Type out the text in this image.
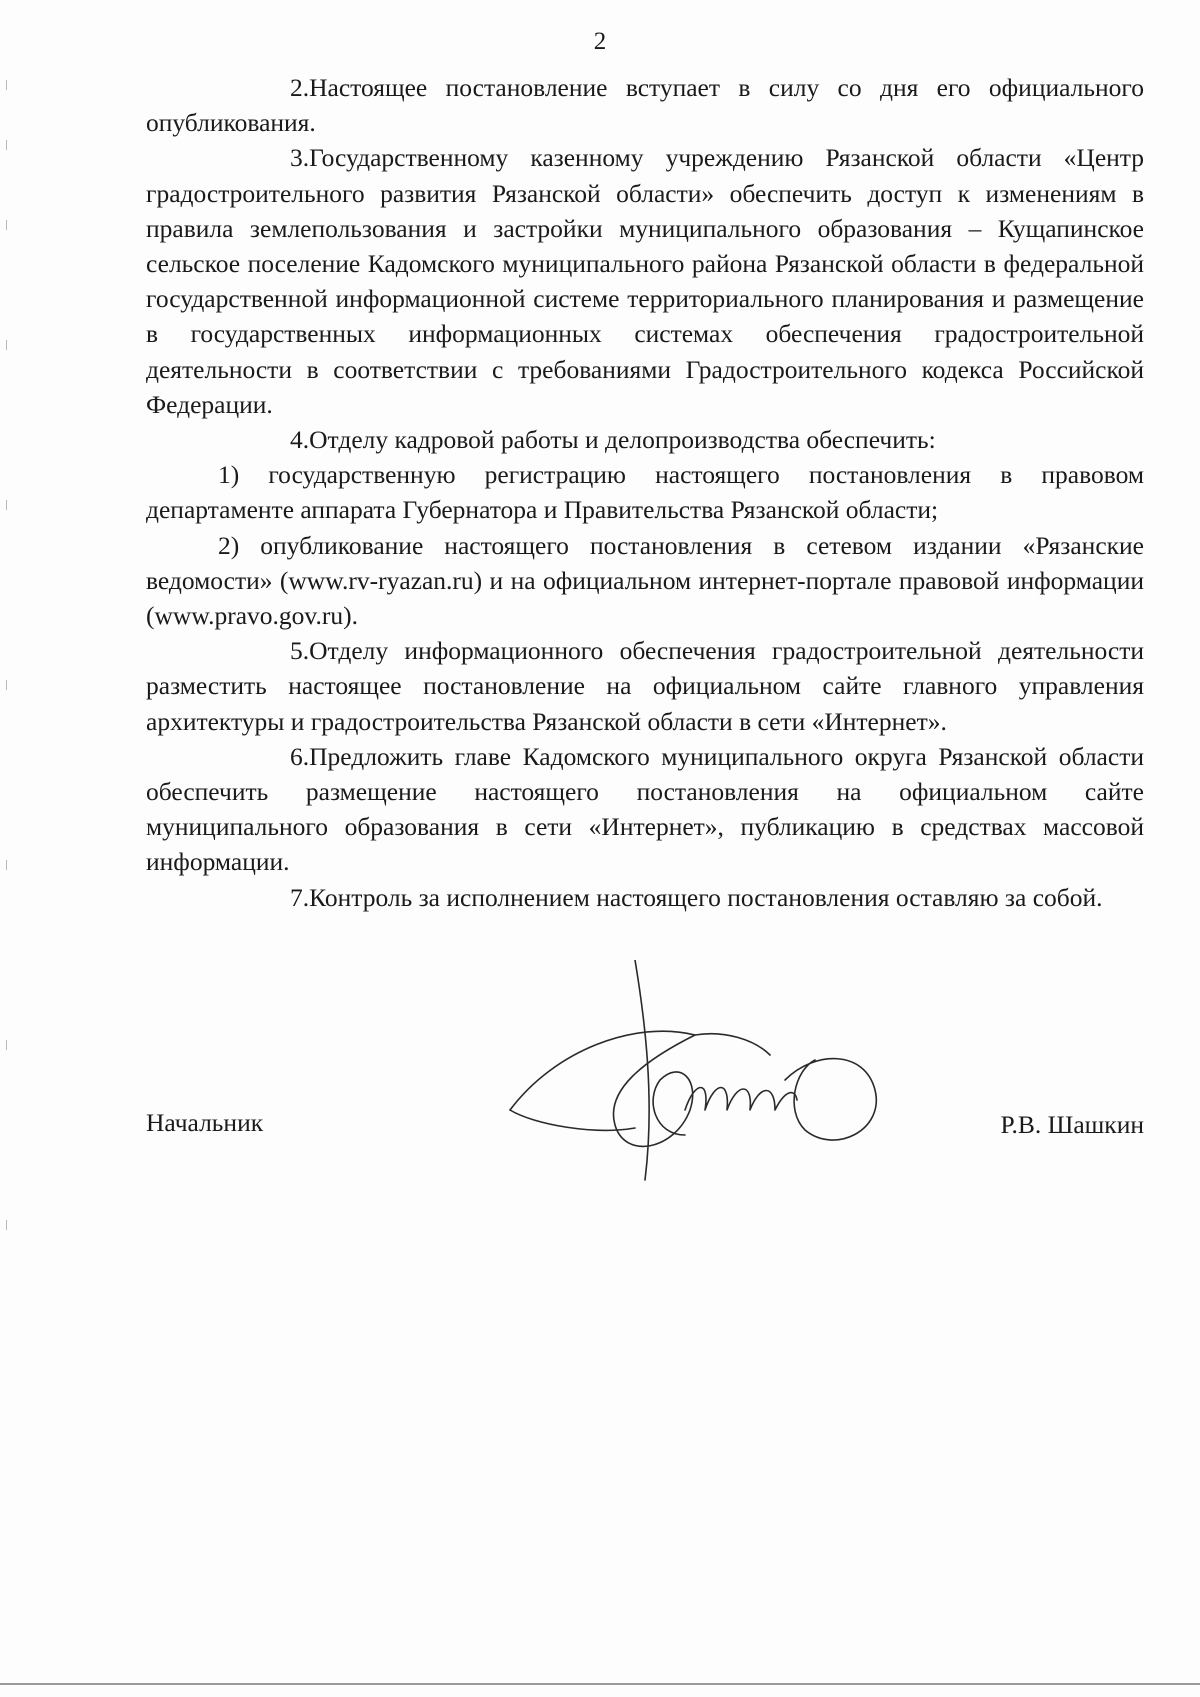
2

2.Настоящее постановление вступает в силу со дня его официального опубликования.

3.Государственному казенному учреждению Рязанской области «Центр градостроительного развития Рязанской области» обеспечить доступ к изменениям в правила землепользования и застройки муниципального образования – Кущапинское сельское поселение Кадомского муниципального района Рязанской области в федеральной государственной информационной системе территориального планирования и размещение в государственных информационных системах обеспечения градостроительной деятельности в соответствии с требованиями Градостроительного кодекса Российской Федерации.

4.Отделу кадровой работы и делопроизводства обеспечить:

1) государственную регистрацию настоящего постановления в правовом департаменте аппарата Губернатора и Правительства Рязанской области;

2) опубликование настоящего постановления в сетевом издании «Рязанские ведомости» (www.rv-ryazan.ru) и на официальном интернет-портале правовой информации (www.pravo.gov.ru).

5.Отделу информационного обеспечения градостроительной деятельности разместить настоящее постановление на официальном сайте главного управления архитектуры и градостроительства Рязанской области в сети «Интернет».

6.Предложить главе Кадомского муниципального округа Рязанской области обеспечить размещение настоящего постановления на официальном сайте муниципального образования в сети «Интернет», публикацию в средствах массовой информации.

7.Контроль за исполнением настоящего постановления оставляю за собой.

Начальник	Р.В. Шашкин
